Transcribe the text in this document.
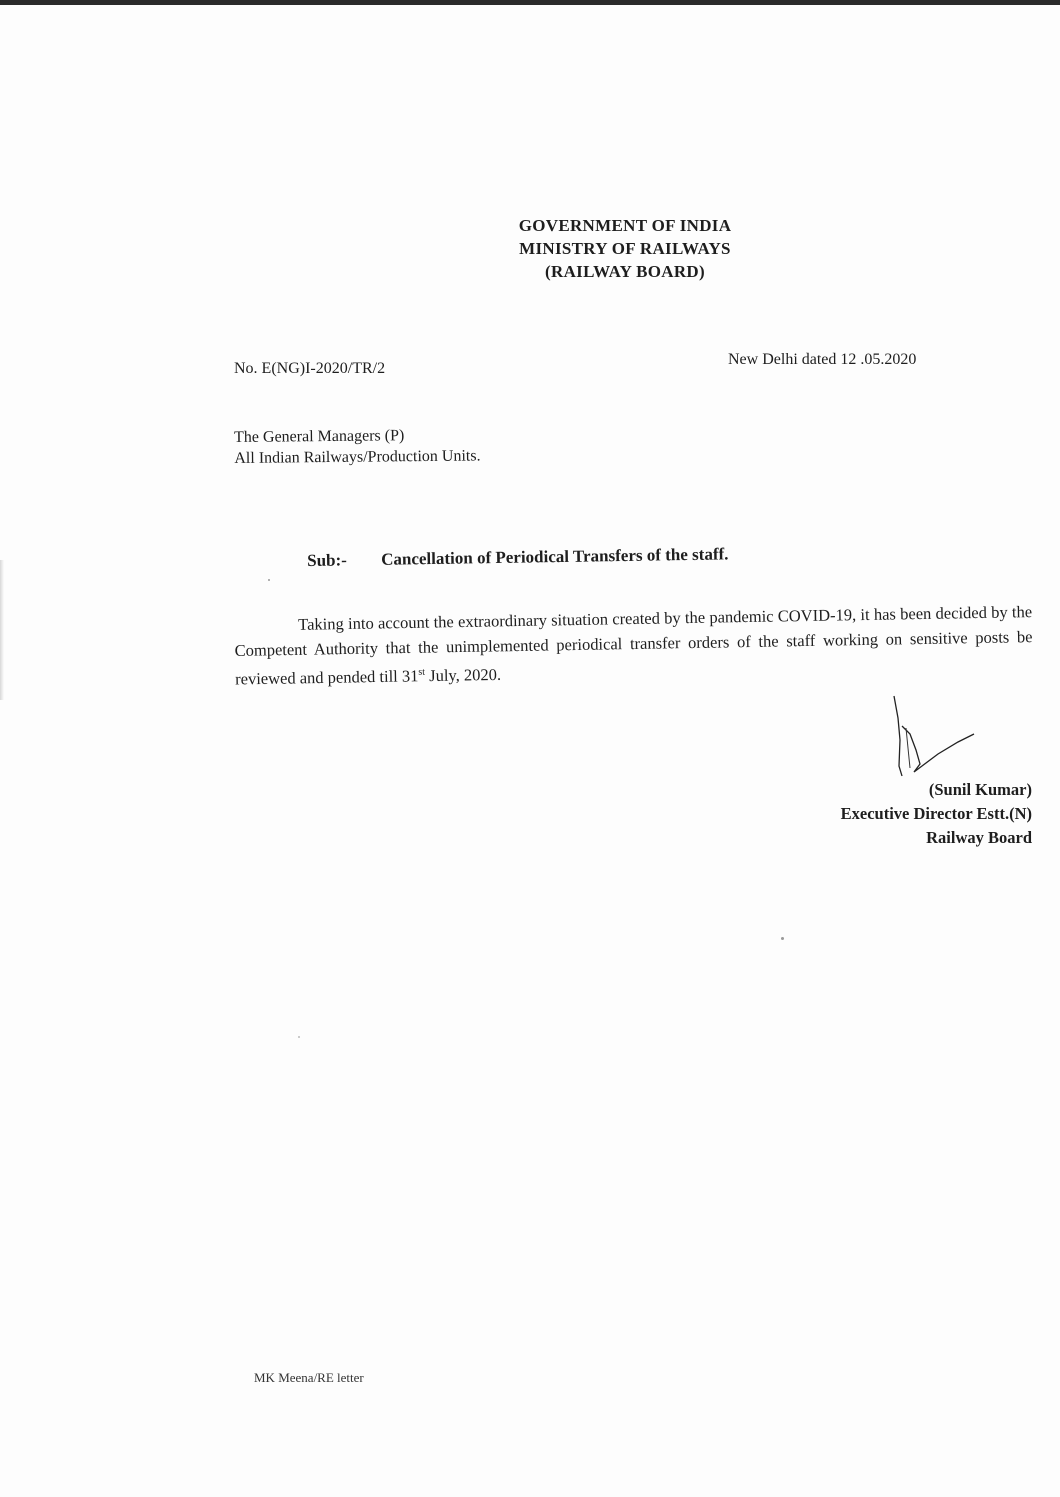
GOVERNMENT OF INDIA
MINISTRY OF RAILWAYS
(RAILWAY BOARD)
No. E(NG)I-2020/TR/2
New Delhi dated 12 .05.2020
The General Managers (P)
All Indian Railways/Production Units.
Sub:- Cancellation of Periodical Transfers of the staff.
Taking into account the extraordinary situation created by the pandemic COVID-19, it has been decided by the Competent Authority that the unimplemented periodical transfer orders of the staff working on sensitive posts be reviewed and pended till 31st July, 2020.
(Sunil Kumar)
Executive Director Estt.(N)
Railway Board
MK Meena/RE letter
